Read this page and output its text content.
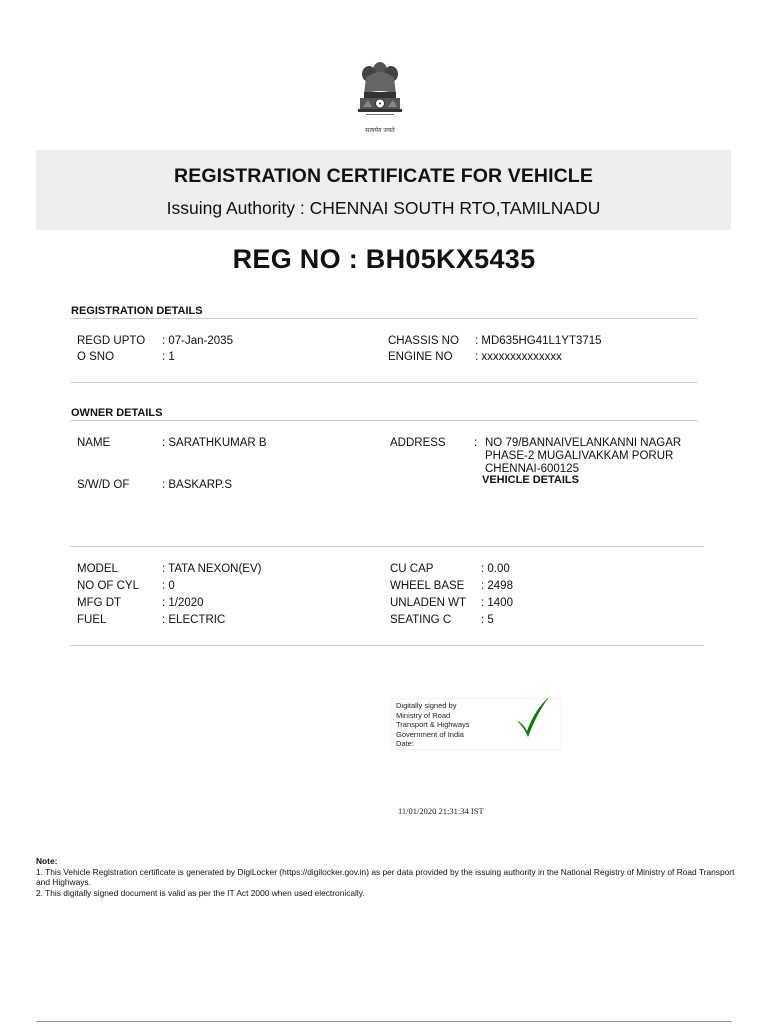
सत्यमेव जयते
REGISTRATION CERTIFICATE FOR VEHICLE
Issuing Authority : CHENNAI SOUTH RTO,TAMILNADU
REG NO : BH05KX5435
REGISTRATION DETAILS
REGD UPTO : 07-Jan-2035
O SNO	: 1
CHASSIS NO : MD635HG41L1YT3715
ENGINE NO : xxxxxxxxxxxxxx
OWNER DETAILS
NAME	: SARATHKUMAR B
S/W/D OF	: BASKARP.S
ADDRESS : NO 79/BANNAIVELANKANNI NAGAR
PHASE-2 MUGALIVAKKAM PORUR
CHENNAI-600125
VEHICLE DETAILS
MODEL	: TATA NEXON(EV)
NO OF CYL : 0
MFG DT	: 1/2020
FUEL	: ELECTRIC
CU CAP	: 0.00
WHEEL BASE : 2498
UNLADEN WT : 1400
SEATING C	: 5
Digitally signed by
Ministry of Road
Transport & Highways
Government of India
Date:
11/01/2020 21:31:34 IST
Note:
1. This Vehicle Registration certificate is generated by DigiLocker (https://digilocker.gov.in) as per data provided by the issuing authority in the National Registry of Ministry of Road Transport and Highways.
2. This digitally signed document is valid as per the IT Act 2000 when used electronically.
